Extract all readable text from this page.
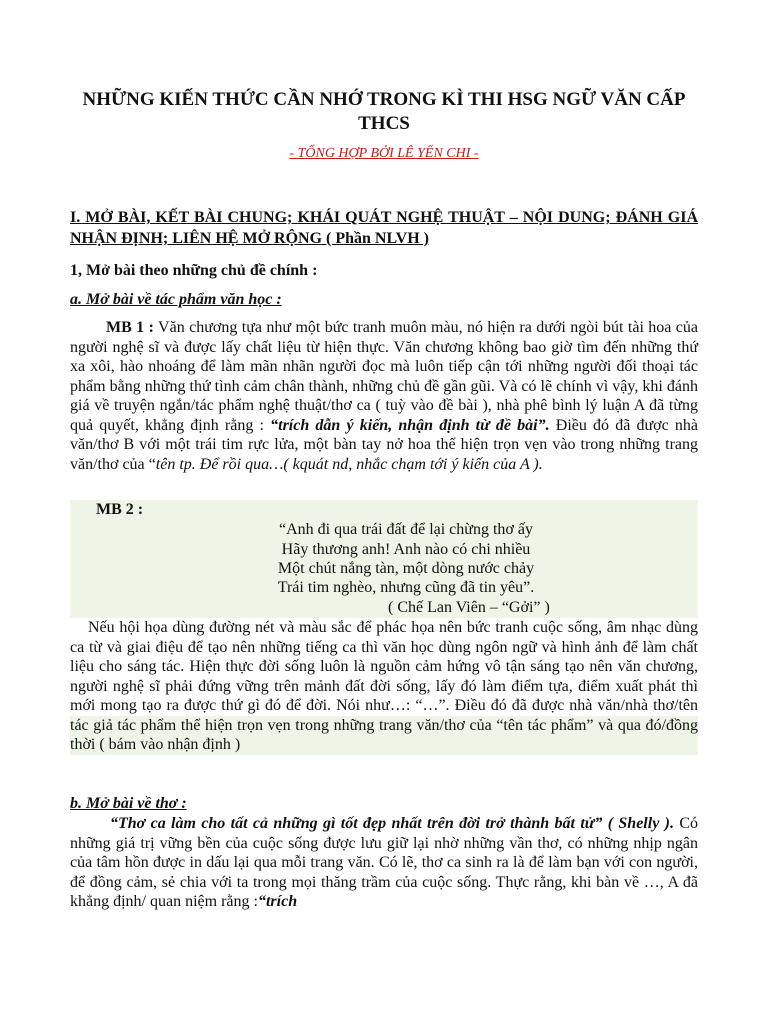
NHỮNG KIẾN THỨC CẦN NHỚ TRONG KÌ THI HSG NGỮ VĂN CẤP THCS
- TỔNG HỢP BỞI LÊ YẾN CHI -
I. MỞ BÀI, KẾT BÀI CHUNG; KHÁI QUÁT NGHỆ THUẬT – NỘI DUNG; ĐÁNH GIÁ NHẬN ĐỊNH; LIÊN HỆ MỞ RỘNG ( Phần NLVH )
1, Mở bài theo những chủ đề chính :
a. Mở bài về tác phẩm văn học :

MB 1 : Văn chương tựa như một bức tranh muôn màu, nó hiện ra dưới ngòi bút tài hoa của người nghệ sĩ và được lấy chất liệu từ hiện thực. Văn chương không bao giờ tìm đến những thứ xa xôi, hào nhoáng để làm mãn nhãn người đọc mà luôn tiếp cận tới những người đối thoại tác phẩm bằng những thứ tình cảm chân thành, những chủ đề gần gũi. Và có lẽ chính vì vậy, khi đánh giá về truyện ngắn/tác phẩm nghệ thuật/thơ ca ( tuỳ vào đề bài ), nhà phê bình lý luận A đã từng quả quyết, khẳng định rằng : “trích dẫn ý kiến, nhận định từ đề bài”. Điều đó đã được nhà văn/thơ B với một trái tim rực lửa, một bàn tay nở hoa thể hiện trọn vẹn vào trong những trang văn/thơ của “tên tp. Để rồi qua…( kquát nd, nhắc chạm tới ý kiến của A ).

MB 2 :
“Anh đi qua trái đất để lại chừng thơ ấy
Hãy thương anh! Anh nào có chi nhiều
Một chút nắng tàn, một dòng nước chảy
Trái tim nghèo, nhưng cũng đã tin yêu”.
( Chế Lan Viên – “Gởi” )

Nếu hội họa dùng đường nét và màu sắc để phác họa nên bức tranh cuộc sống, âm nhạc dùng ca từ và giai điệu để tạo nên những tiếng ca thì văn học dùng ngôn ngữ và hình ảnh để làm chất liệu cho sáng tác. Hiện thực đời sống luôn là nguồn cảm hứng vô tận sáng tạo nên văn chương, người nghệ sĩ phải đứng vững trên mảnh đất đời sống, lấy đó làm điểm tựa, điểm xuất phát thì mới mong tạo ra được thứ gì đó để đời. Nói như…: “…”. Điều đó đã được nhà văn/nhà thơ/tên tác giả tác phẩm thể hiện trọn vẹn trong những trang văn/thơ của “tên tác phẩm” và qua đó/đồng thời ( bám vào nhận định )

b. Mở bài về thơ :

“Thơ ca làm cho tất cả những gì tốt đẹp nhất trên đời trở thành bất tử” ( Shelly ). Có những giá trị vững bền của cuộc sống được lưu giữ lại nhờ những vần thơ, có những nhịp ngân của tâm hồn được in dấu lại qua mỗi trang văn. Có lẽ, thơ ca sinh ra là để làm bạn với con người, để đồng cảm, sẻ chia với ta trong mọi thăng trầm của cuộc sống. Thực rằng, khi bàn về …, A đã khẳng định/ quan niệm rằng :“trích
